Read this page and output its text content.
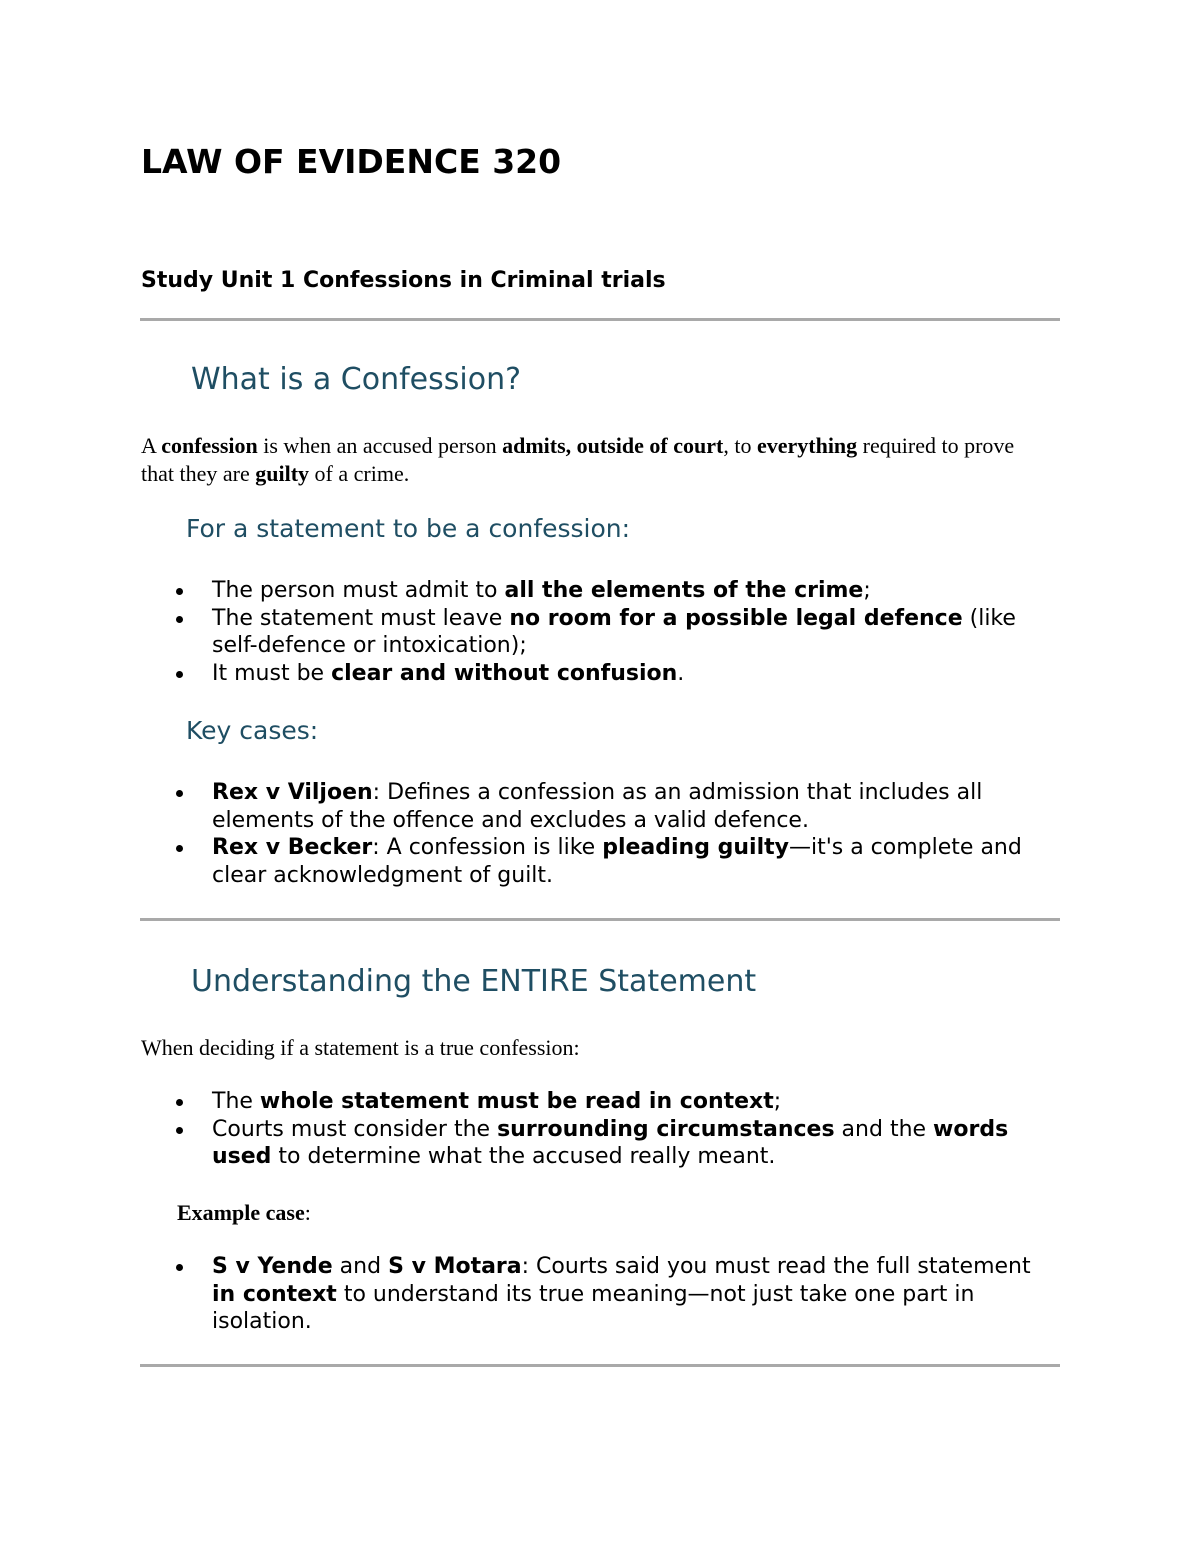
LAW OF EVIDENCE 320
Study Unit 1 Confessions in Criminal trials
What is a Confession?

A confession is when an accused person admits, outside of court, to everything required to prove that they are guilty of a crime.

For a statement to be a confession:
The person must admit to all the elements of the crime;
The statement must leave no room for a possible legal defence (like self-defence or intoxication);
It must be clear and without confusion.
Key cases:
Rex v Viljoen: Defines a confession as an admission that includes all elements of the offence and excludes a valid defence.
Rex v Becker: A confession is like pleading guilty—it's a complete and clear acknowledgment of guilt.
Understanding the ENTIRE Statement

When deciding if a statement is a true confession:

The whole statement must be read in context;
Courts must consider the surrounding circumstances and the words used to determine what the accused really meant.

Example case:

S v Yende and S v Motara: Courts said you must read the full statement in context to understand its true meaning—not just take one part in isolation.
